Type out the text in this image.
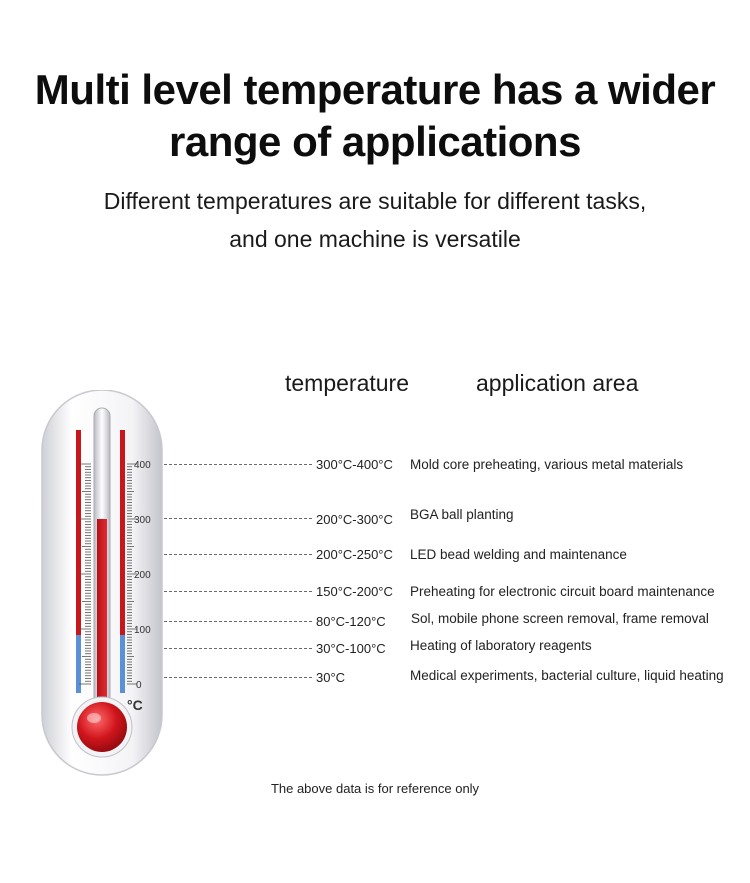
Multi level temperature has a wider
range of applications
Different temperatures are suitable for different tasks,
and one machine is versatile
temperature	application area
400
300
200
100
0
°C
300°C-400°C Mold core preheating, various metal materials
200°C-300°C BGA ball planting
200°C-250°C LED bead welding and maintenance
150°C-200°C Preheating for electronic circuit board maintenance
80°C-120°C Sol, mobile phone screen removal, frame removal
30°C-100°C Heating of laboratory reagents
30°C	Medical experiments, bacterial culture, liquid heating
The above data is for reference only
